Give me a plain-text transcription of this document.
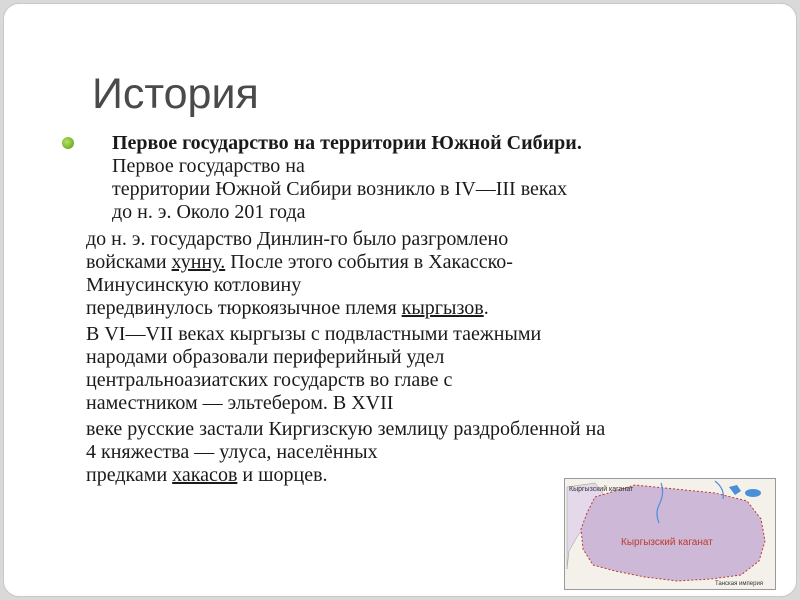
История
Первое государство на территории Южной Сибири.
Первое государство на
территории Южной Сибири возникло в IV—III веках
до н. э. Около 201 года
до н. э. государство Динлин-го было разгромлено
войсками хунну. После этого события в Хакасско-
Минусинскую котловину
передвинулось тюркоязычное племя кыргызов.
В VI—VII веках кыргызы с подвластными таежными
народами образовали периферийный удел
центральноазиатских государств во главе с
наместником — эльтебером. В XVII
веке русские застали Киргизскую землицу раздробленной на
4 княжества — улуса, населённых
предками хакасов и шорцев.
Кыргызский каганат
Кыргызский каганат
Танская империя
